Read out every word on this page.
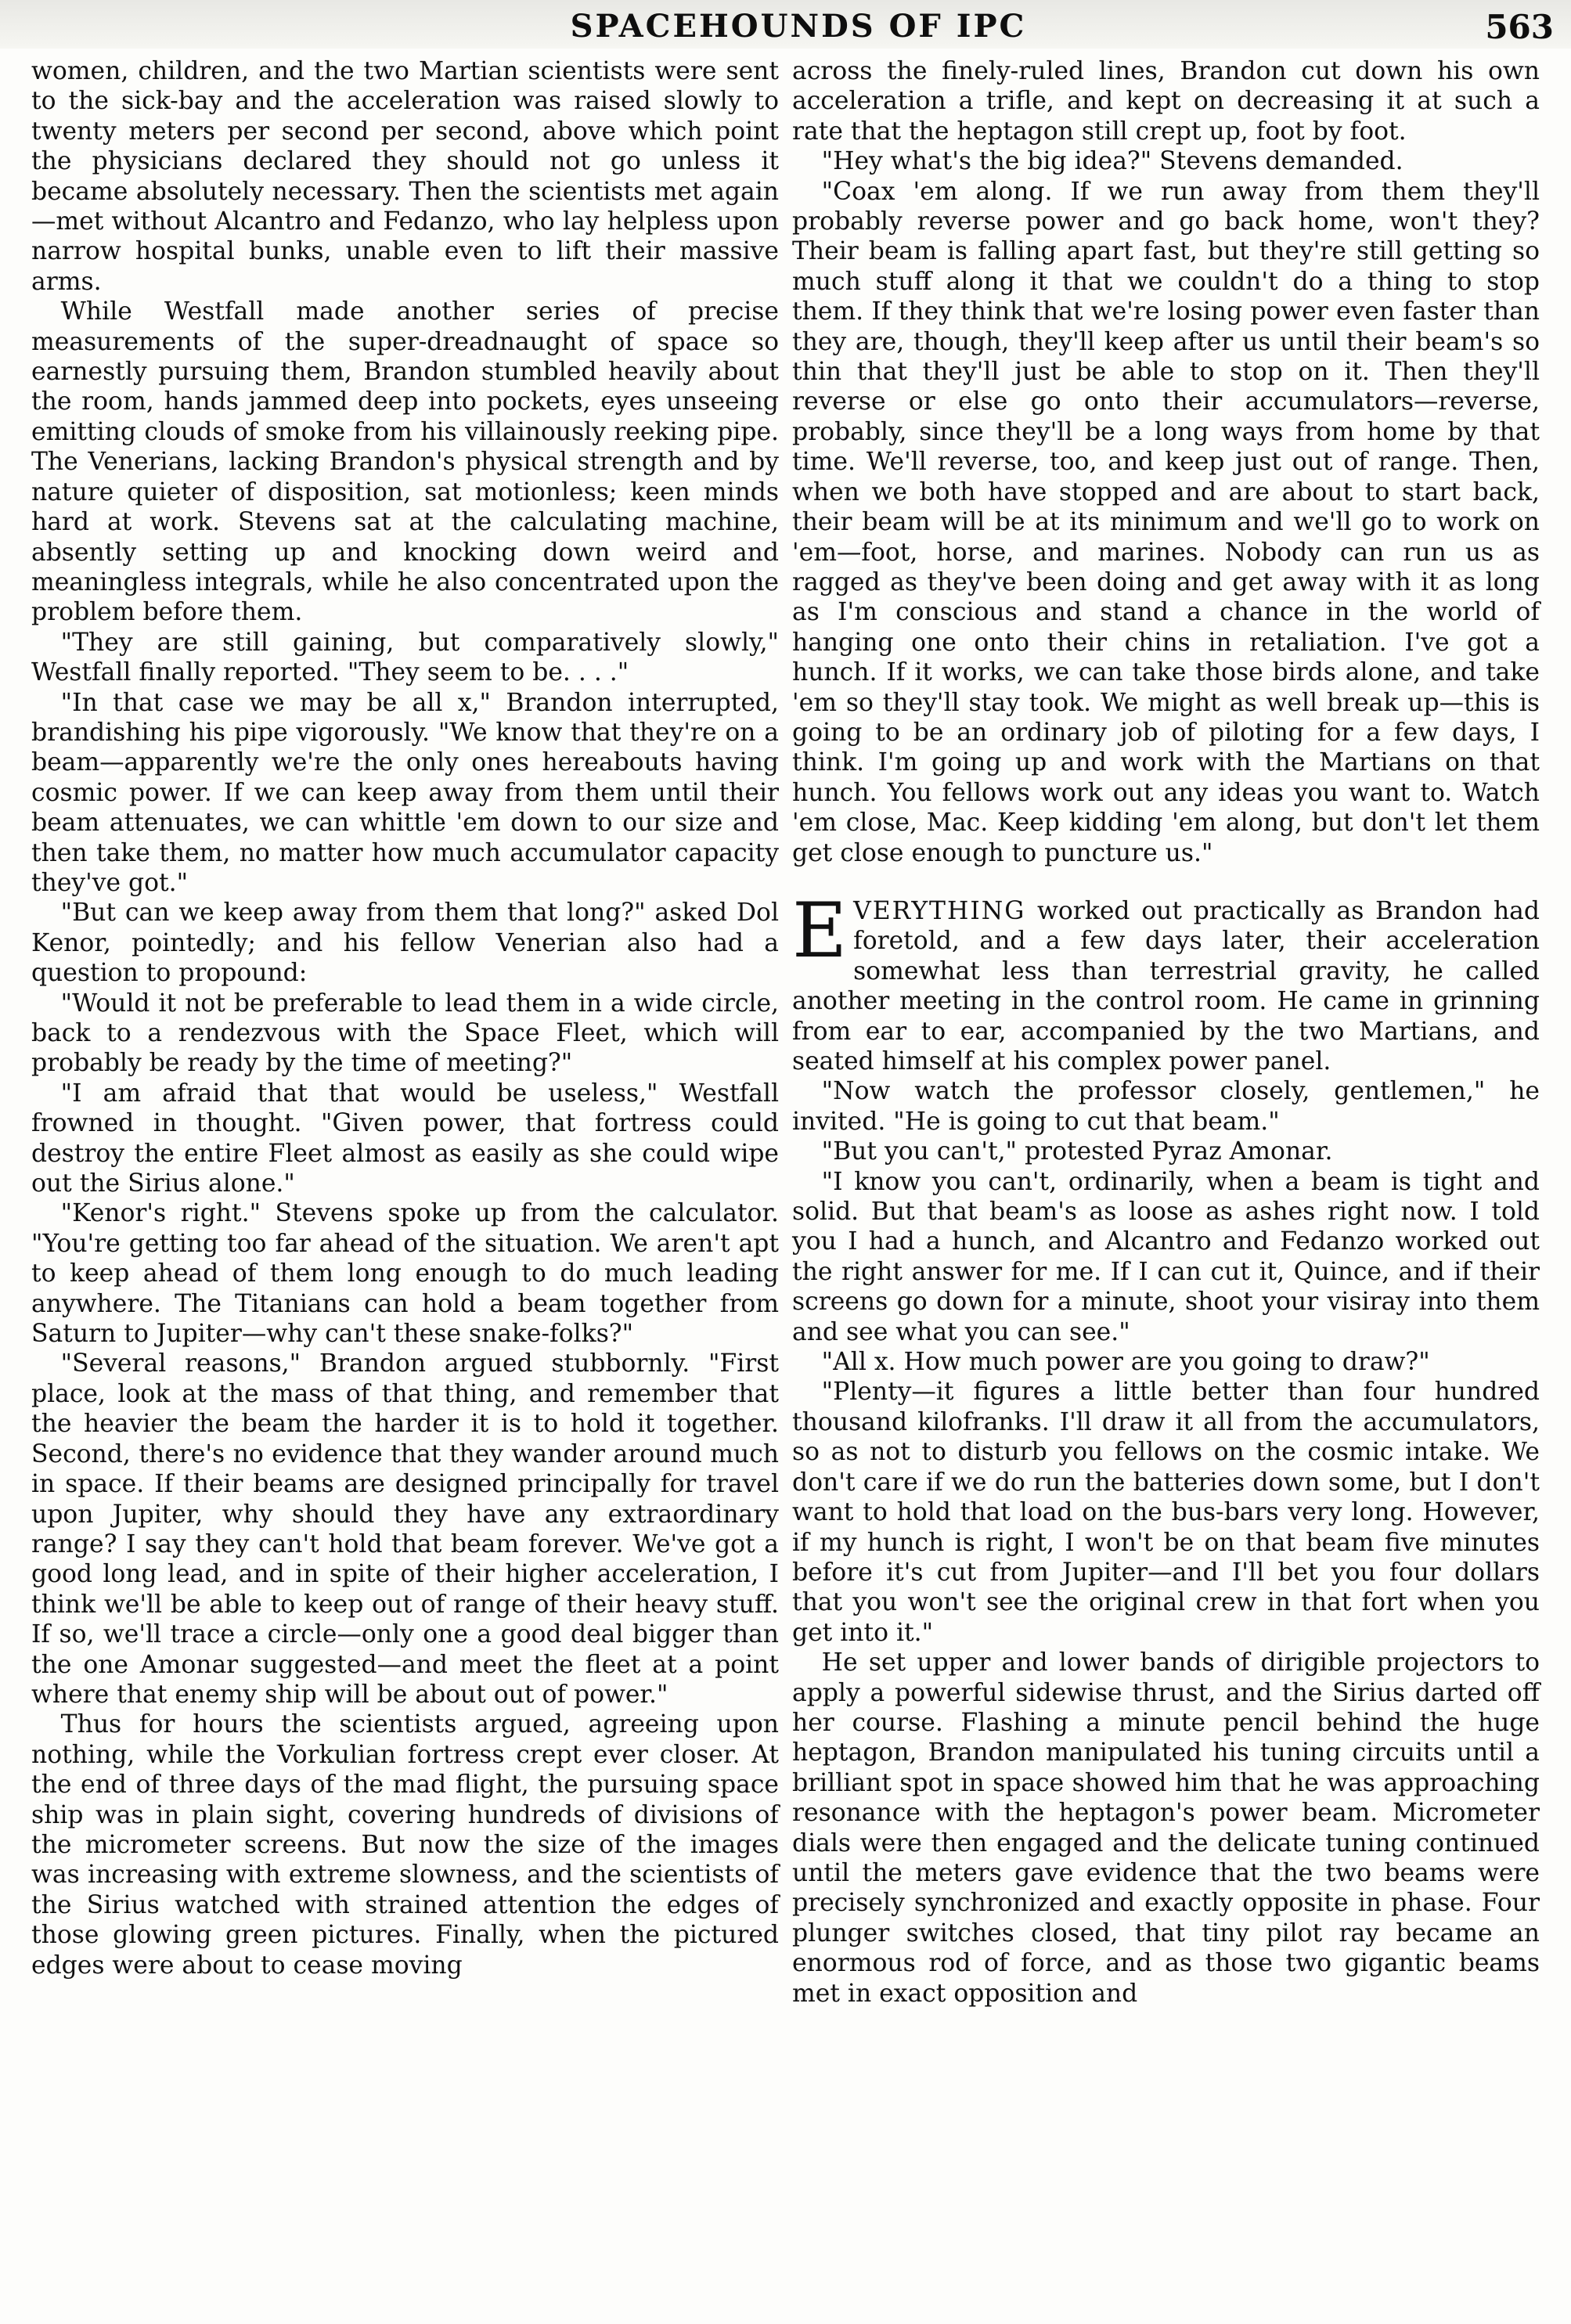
SPACEHOUNDS OF IPC	563

women, children, and the two Martian scientists were sent to the sick-bay and the acceleration was raised slowly to twenty meters per second per second, above which point the physicians declared they should not go unless it became absolutely necessary. Then the scientists met again—met without Alcantro and Fedanzo, who lay helpless upon narrow hospital bunks, unable even to lift their massive arms.

While Westfall made another series of precise measurements of the super-dreadnaught of space so earnestly pursuing them, Brandon stumbled heavily about the room, hands jammed deep into pockets, eyes unseeing emitting clouds of smoke from his villainously reeking pipe. The Venerians, lacking Brandon's physical strength and by nature quieter of disposition, sat motionless; keen minds hard at work. Stevens sat at the calculating machine, absently setting up and knocking down weird and meaningless integrals, while he also concentrated upon the problem before them.

"They are still gaining, but comparatively slowly," Westfall finally reported. "They seem to be. . . ."

"In that case we may be all x," Brandon interrupted, brandishing his pipe vigorously. "We know that they're on a beam—apparently we're the only ones hereabouts having cosmic power. If we can keep away from them until their beam attenuates, we can whittle 'em down to our size and then take them, no matter how much accumulator capacity they've got."

"But can we keep away from them that long?" asked Dol Kenor, pointedly; and his fellow Venerian also had a question to propound:

"Would it not be preferable to lead them in a wide circle, back to a rendezvous with the Space Fleet, which will probably be ready by the time of meeting?"

"I am afraid that that would be useless," Westfall frowned in thought. "Given power, that fortress could destroy the entire Fleet almost as easily as she could wipe out the Sirius alone."

"Kenor's right." Stevens spoke up from the calculator. "You're getting too far ahead of the situation. We aren't apt to keep ahead of them long enough to do much leading anywhere. The Titanians can hold a beam together from Saturn to Jupiter—why can't these snake-folks?"

"Several reasons," Brandon argued stubbornly. "First place, look at the mass of that thing, and remember that the heavier the beam the harder it is to hold it together. Second, there's no evidence that they wander around much in space. If their beams are designed principally for travel upon Jupiter, why should they have any extraordinary range? I say they can't hold that beam forever. We've got a good long lead, and in spite of their higher acceleration, I think we'll be able to keep out of range of their heavy stuff. If so, we'll trace a circle—only one a good deal bigger than the one Amonar suggested—and meet the fleet at a point where that enemy ship will be about out of power."

Thus for hours the scientists argued, agreeing upon nothing, while the Vorkulian fortress crept ever closer. At the end of three days of the mad flight, the pursuing space ship was in plain sight, covering hundreds of divisions of the micrometer screens. But now the size of the images was increasing with extreme slowness, and the scientists of the Sirius watched with strained attention the edges of those glowing green pictures. Finally, when the pictured edges were about to cease moving

across the finely-ruled lines, Brandon cut down his own acceleration a trifle, and kept on decreasing it at such a rate that the heptagon still crept up, foot by foot.

"Hey what's the big idea?" Stevens demanded.

"Coax 'em along. If we run away from them they'll probably reverse power and go back home, won't they? Their beam is falling apart fast, but they're still getting so much stuff along it that we couldn't do a thing to stop them. If they think that we're losing power even faster than they are, though, they'll keep after us until their beam's so thin that they'll just be able to stop on it. Then they'll reverse or else go onto their accumulators—reverse, probably, since they'll be a long ways from home by that time. We'll reverse, too, and keep just out of range. Then, when we both have stopped and are about to start back, their beam will be at its minimum and we'll go to work on 'em—foot, horse, and marines. Nobody can run us as ragged as they've been doing and get away with it as long as I'm conscious and stand a chance in the world of hanging one onto their chins in retaliation. I've got a hunch. If it works, we can take those birds alone, and take 'em so they'll stay took. We might as well break up—this is going to be an ordinary job of piloting for a few days, I think. I'm going up and work with the Martians on that hunch. You fellows work out any ideas you want to. Watch 'em close, Mac. Keep kidding 'em along, but don't let them get close enough to puncture us."

EVERYTHING worked out practically as Brandon had foretold, and a few days later, their acceleration somewhat less than terrestrial gravity, he called another meeting in the control room. He came in grinning from ear to ear, accompanied by the two Martians, and seated himself at his complex power panel.

"Now watch the professor closely, gentlemen," he invited. "He is going to cut that beam."

"But you can't," protested Pyraz Amonar.

"I know you can't, ordinarily, when a beam is tight and solid. But that beam's as loose as ashes right now. I told you I had a hunch, and Alcantro and Fedanzo worked out the right answer for me. If I can cut it, Quince, and if their screens go down for a minute, shoot your visiray into them and see what you can see."

"All x. How much power are you going to draw?"

"Plenty—it figures a little better than four hundred thousand kilofranks. I'll draw it all from the accumulators, so as not to disturb you fellows on the cosmic intake. We don't care if we do run the batteries down some, but I don't want to hold that load on the bus-bars very long. However, if my hunch is right, I won't be on that beam five minutes before it's cut from Jupiter—and I'll bet you four dollars that you won't see the original crew in that fort when you get into it."

He set upper and lower bands of dirigible projectors to apply a powerful sidewise thrust, and the Sirius darted off her course. Flashing a minute pencil behind the huge heptagon, Brandon manipulated his tuning circuits until a brilliant spot in space showed him that he was approaching resonance with the heptagon's power beam. Micrometer dials were then engaged and the delicate tuning continued until the meters gave evidence that the two beams were precisely synchronized and exactly opposite in phase. Four plunger switches closed, that tiny pilot ray became an enormous rod of force, and as those two gigantic beams met in exact opposition and
